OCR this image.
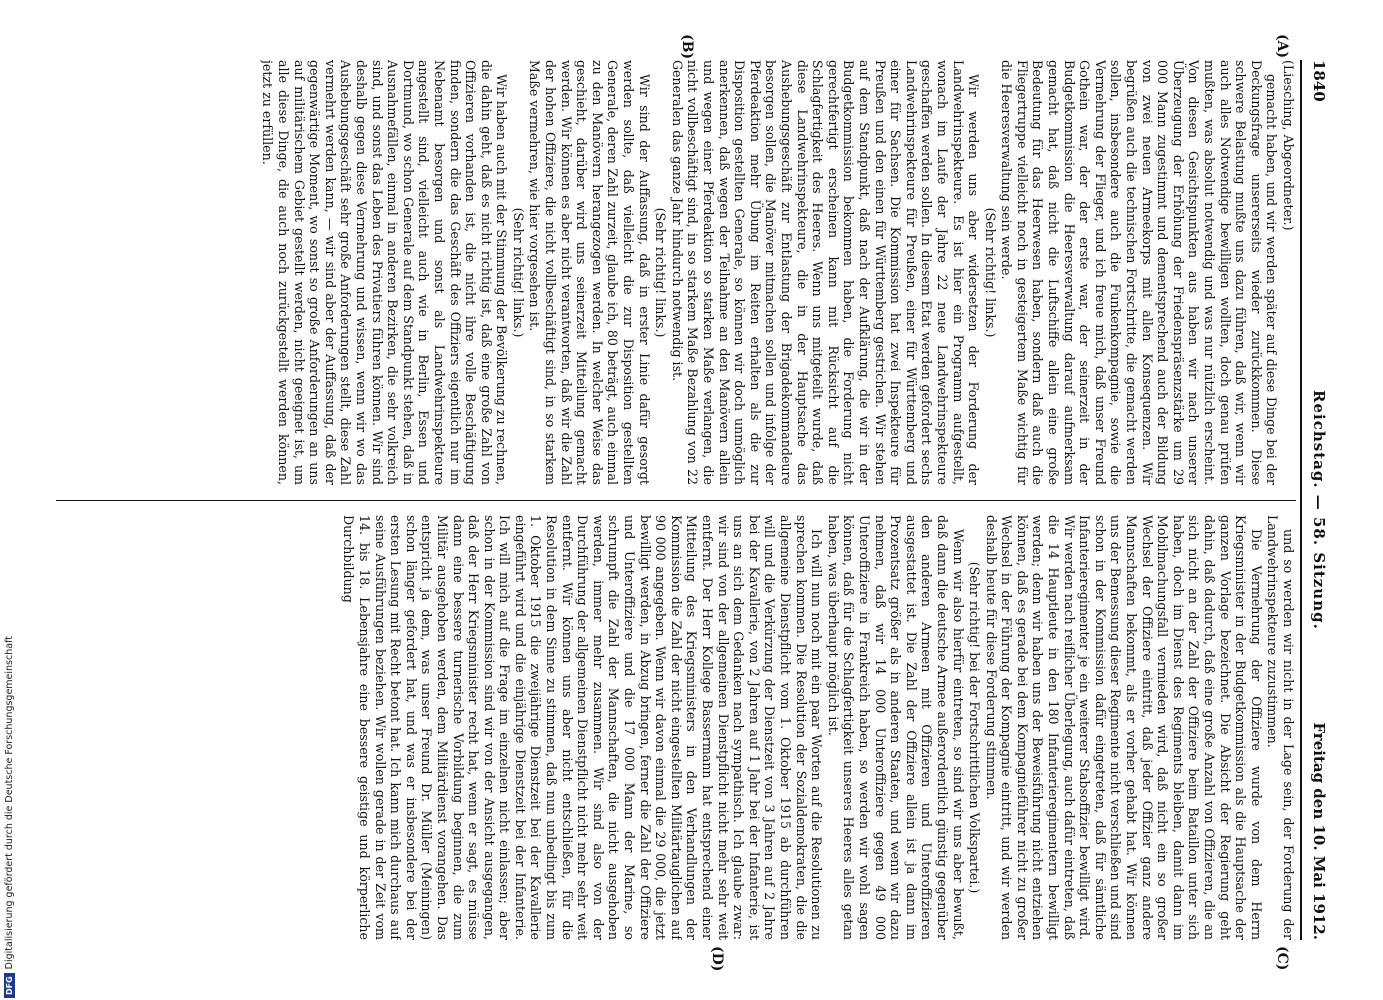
1840
Reichstag. — 58. Sitzung.
Freitag den 10. Mai 1912.
(A)
(B)
(C)
(D)

(Liesching, Abgeordneter.)

gemacht haben, und wir werden später auf diese Dinge bei der Deckungsfrage unsererseits wieder zurückkommen. Diese schwere Belastung mußte uns dazu führen, daß wir, wenn wir auch alles Notwendige bewilligen wollten, doch genau prüfen mußten, was absolut notwendig und was nur nützlich erscheint. Von diesen Gesichtspunkten aus haben wir nach unserer Überzeugung der Erhöhung der Friedenspräsenzstärke um 29 000 Mann zugestimmt und dementsprechend auch der Bildung von zwei neuen Armeekorps mit allen Konsequenzen. Wir begrüßen auch die technischen Fortschritte, die gemacht werden sollen, insbesondere auch die Funkenkompagnie, sowie die Vermehrung der Flieger, und ich freue mich, daß unser Freund Gothein war, der der erste war, der seinerzeit in der Budgetkommission die Heeresverwaltung darauf aufmerksam gemacht hat, daß nicht die Luftschiffe allein eine große Bedeutung für das Heerwesen haben, sondern daß auch die Fliegertruppe vielleicht noch in gesteigertem Maße wichtig für die Heeresverwaltung sein werde.

(Sehr richtig! links.)

Wir werden uns aber widersetzen der Forderung der Landwehrinspekteure. Es ist hier ein Programm aufgestellt, wonach im Laufe der Jahre 22 neue Landwehrinspekteure geschaffen werden sollen. In diesem Etat werden gefordert sechs Landwehrinspekteure für Preußen, einer für Württemberg und einer für Sachsen. Die Kommission hat zwei Inspekteure für Preußen und den einen für Württemberg gestrichen. Wir stehen auf dem Standpunkt, daß nach der Aufklärung, die wir in der Budgetkommission bekommen haben, die Forderung nicht gerechtfertigt erscheinen kann mit Rücksicht auf die Schlagfertigkeit des Heeres. Wenn uns mitgeteilt wurde, daß diese Landwehrinspekteure, die in der Hauptsache das Aushebungsgeschäft zur Entlastung der Brigadekommandeure besorgen sollen, die Manöver mitmachen sollen und infolge der Pferdeaktion mehr Übung im Reiten erhalten als die zur Disposition gestellten Generale, so können wir doch unmöglich anerkennen, daß wegen der Teilnahme an den Manövern allein und wegen einer Pferdeaktion so starken Maße verlangen, die nicht vollbeschäftigt sind, in so starkem Maße Bezahlung von 22 Generalen das ganze Jahr hindurch notwendig ist.

(Sehr richtig! links.)

Wir sind der Auffassung, daß in erster Linie dafür gesorgt werden sollte, daß vielleicht die zur Disposition gestellten Generale, deren Zahl zurzeit, glaube ich, 80 beträgt, auch einmal zu den Manövern herangezogen werden. In welcher Weise das geschieht, darüber wird uns seinerzeit Mitteilung gemacht werden. Wir können es aber nicht verantworten, daß wir die Zahl der hohen Offiziere, die nicht vollbeschäftigt sind, in so starkem Maße vermehren, wie hier vorgesehen ist.

(Sehr richtig! links.)

Wir haben auch mit der Stimmung der Bevölkerung zu rechnen, die dahin geht, daß es nicht richtig ist, daß eine große Zahl von Offizieren vorhanden ist, die nicht ihre volle Beschäftigung finden, sondern die das Geschäft des Offiziers eigentlich nur im Nebenamt besorgen und sonst als Landwehrinspekteure angestellt sind, vielleicht auch wie in Berlin, Essen und Dortmund, wo schon Generale auf dem Standpunkt stehen, daß in Ausnahmefällen, einmal in anderen Bezirken, die sehr volkreich sind, und sonst das Leben des Privatiers führen können. Wir sind deshalb gegen diese Vermehrung und wissen, wenn wir wo das Aushebungsgeschäft sehr große Anforderungen stellt, diese Zahl vermehrt werden kann, — wir sind aber der Auffassung, daß der gegenwärtige Moment, wo sonst so große Anforderungen an uns auf militärischem Gebiet gestellt werden, nicht geeignet ist, um alle diese Dinge, die auch noch zurückgestellt werden können, jetzt zu erfüllen.

und so werden wir nicht in der Lage sein, der Forderung der Landwehrinspekteure zuzustimmen.

Die Vermehrung der Offiziere wurde von dem Herrn Kriegsminister in der Budgetkommission als die Hauptsache der ganzen Vorlage bezeichnet. Die Absicht der Regierung geht dahin, daß dadurch, daß eine große Anzahl von Offizieren, die an sich nicht an der Zahl der Offiziere beim Bataillon unter sich haben, doch im Dienst des Regiments bleiben, damit dann im Mobilmachungsfall vermieden wird, daß nicht ein so großer Wechsel der Offiziere eintritt, daß jeder Offizier ganz andere Mannschaften bekommt, als er vorher gehabt hat. Wir können uns der Bemessung dieser Regimente nicht verschließen und sind schon in der Kommission dafür eingetreten, daß für sämtliche Infanterieregimenter je ein weiterer Stabsoffizier bewilligt wird. Wir werden nach reiflicher Überlegung, auch dafür eintreten, daß die 14 Hauptleute in den 180 Infanterieregimentern bewilligt werden; denn wir haben uns der Beweisführung nicht entziehen können, daß es gerade bei dem Kompagnieführer nicht zu großer Wechsel in der Führung der Kompagnie eintritt, und wir werden deshalb heute für diese Forderung stimmen.

(Sehr richtig! bei der Fortschrittlichen Volkspartei.)

Wenn wir also hierfür eintreten, so sind wir uns aber bewußt, daß dann die deutsche Armee außerordentlich günstig gegenüber den anderen Armeen mit Offizieren und Unteroffizieren ausgestattet ist. Die Zahl der Offiziere allein ist ja dann im Prozentsatz größer als in anderen Staaten, und wenn wir dazu nehmen, daß wir 14 000 Unteroffiziere gegen 49 000 Unteroffiziere in Frankreich haben, so werden wir wohl sagen können, daß für die Schlagfertigkeit unseres Heeres alles getan haben, was überhaupt möglich ist.

Ich will nun noch mit ein paar Worten auf die Resolutionen zu sprechen kommen. Die Resolution der Sozialdemokraten, die die allgemeine Dienstpflicht vom 1. Oktober 1915 ab durchführen will und die Verkürzung der Dienstzeit von 3 Jahren auf 2 Jahre bei der Kavallerie, von 2 Jahren auf 1 Jahr bei der Infanterie, ist uns an sich dem Gedanken nach sympathisch. Ich glaube zwar: wir sind von der allgemeinen Dienstpflicht nicht mehr sehr weit entfernt. Der Herr Kollege Bassermann hat entsprechend einer Mitteilung des Kriegsministers in den Verhandlungen der Kommission die Zahl der nicht eingestellten Militärtauglichen auf 90 000 angegeben. Wenn wir davon einmal die 29 000, die jetzt bewilligt werden, in Abzug bringen, ferner die Zahl der Offiziere und Unteroffiziere und die 17 000 Mann der Marine, so schrumpft die Zahl der Mannschaften, die nicht ausgehoben werden, immer mehr zusammen. Wir sind also von der Durchführung der allgemeinen Dienstpflicht nicht mehr sehr weit entfernt. Wir können uns aber nicht entschließen, für die Resolution in dem Sinne zu stimmen, daß nun unbedingt bis zum 1. Oktober 1915 die zweijährige Dienstzeit bei der Kavallerie eingeführt wird und die einjährige Dienstzeit bei der Infanterie. Ich will mich auf die Frage im einzelnen nicht einlassen; aber schon in der Kommission sind wir von der Ansicht ausgegangen, daß der Herr Kriegsminister recht hat, wenn er sagt, es müsse dann eine bessere turnerische Vorbildung beginnen, die zum Militär ausgehoben werden, dem Militärdienst vorangehen. Das entspricht ja dem, was unser Freund Dr. Müller (Meiningen) schon länger gefordert hat, und was er insbesondere bei der ersten Lesung mit Recht betont hat. Ich kann mich durchaus auf seine Ausführungen beziehen. Wir wollen gerade in der Zeit vom 14. bis 18. Lebensjahre eine bessere geistige und körperliche Durchbildung

DFGDigitalisierung gefördert durch die Deutsche Forschungsgemeinschaft
